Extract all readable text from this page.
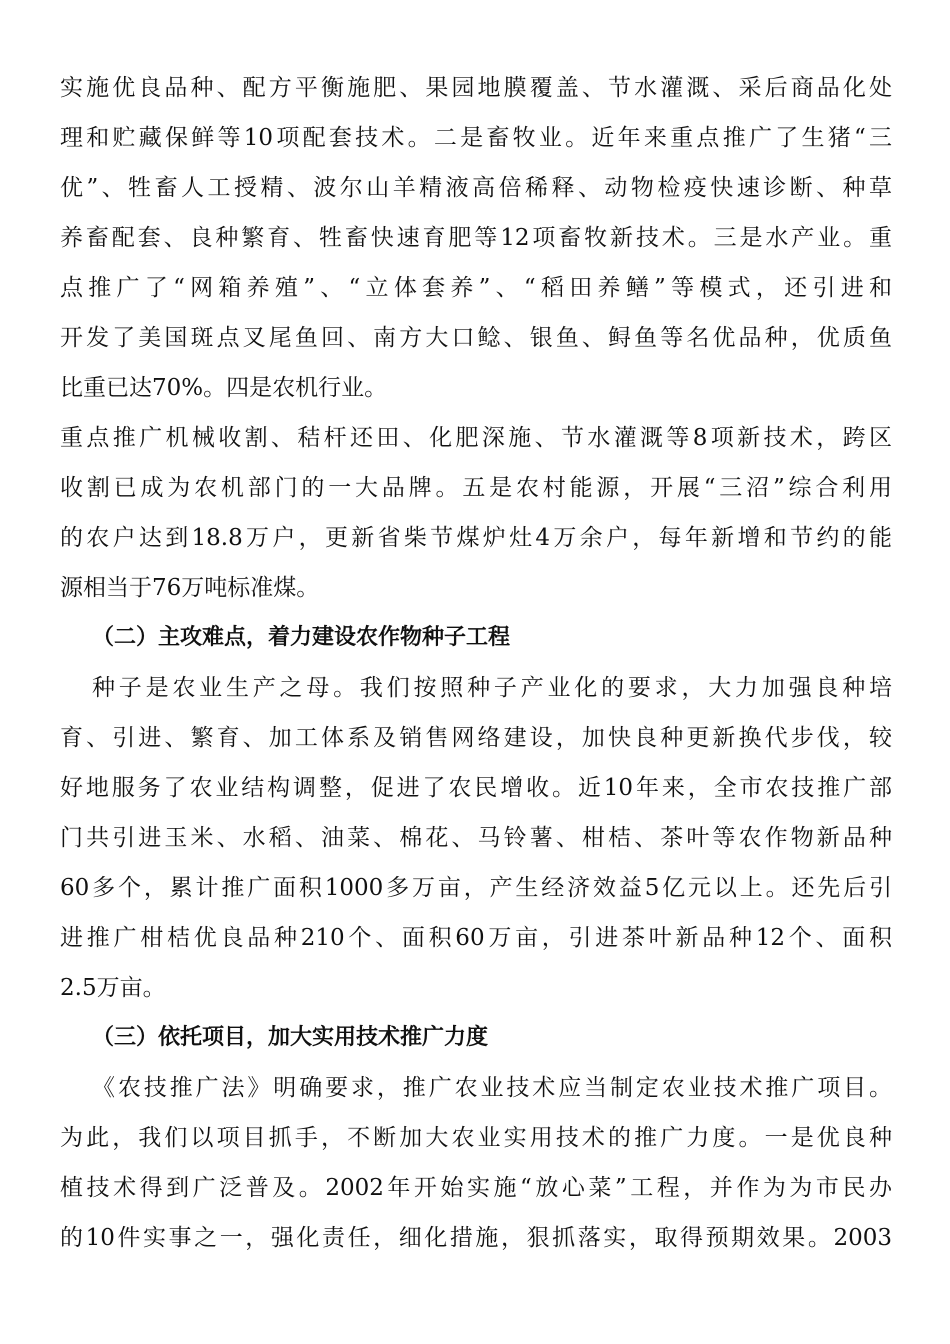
实施优良品种、配方平衡施肥、果园地膜覆盖、节水灌溉、采后商品化处
理和贮藏保鲜等10项配套技术。二是畜牧业。近年来重点推广了生猪“三
优”、牲畜人工授精、波尔山羊精液高倍稀释、动物检疫快速诊断、种草
养畜配套、良种繁育、牲畜快速育肥等12项畜牧新技术。三是水产业。重
点推广了“网箱养殖”、“立体套养”、“稻田养鳝”等模式，还引进和
开发了美国斑点叉尾鱼回、南方大口鲶、银鱼、鲟鱼等名优品种，优质鱼
比重已达70%。四是农机行业。
重点推广机械收割、秸杆还田、化肥深施、节水灌溉等8项新技术，跨区
收割已成为农机部门的一大品牌。五是农村能源，开展“三沼”综合利用
的农户达到18.8万户，更新省柴节煤炉灶4万余户，每年新增和节约的能
源相当于76万吨标准煤。
（二）主攻难点，着力建设农作物种子工程
种子是农业生产之母。我们按照种子产业化的要求，大力加强良种培
育、引进、繁育、加工体系及销售网络建设，加快良种更新换代步伐，较
好地服务了农业结构调整，促进了农民增收。近10年来，全市农技推广部
门共引进玉米、水稻、油菜、棉花、马铃薯、柑桔、茶叶等农作物新品种
60多个，累计推广面积1000多万亩，产生经济效益5亿元以上。还先后引
进推广柑桔优良品种210个、面积60万亩，引进茶叶新品种12个、面积
2.5万亩。
（三）依托项目，加大实用技术推广力度
《农技推广法》明确要求，推广农业技术应当制定农业技术推广项目。
为此，我们以项目抓手，不断加大农业实用技术的推广力度。一是优良种
植技术得到广泛普及。2002年开始实施“放心菜”工程，并作为为市民办
的10件实事之一，强化责任，细化措施，狠抓落实，取得预期效果。2003
